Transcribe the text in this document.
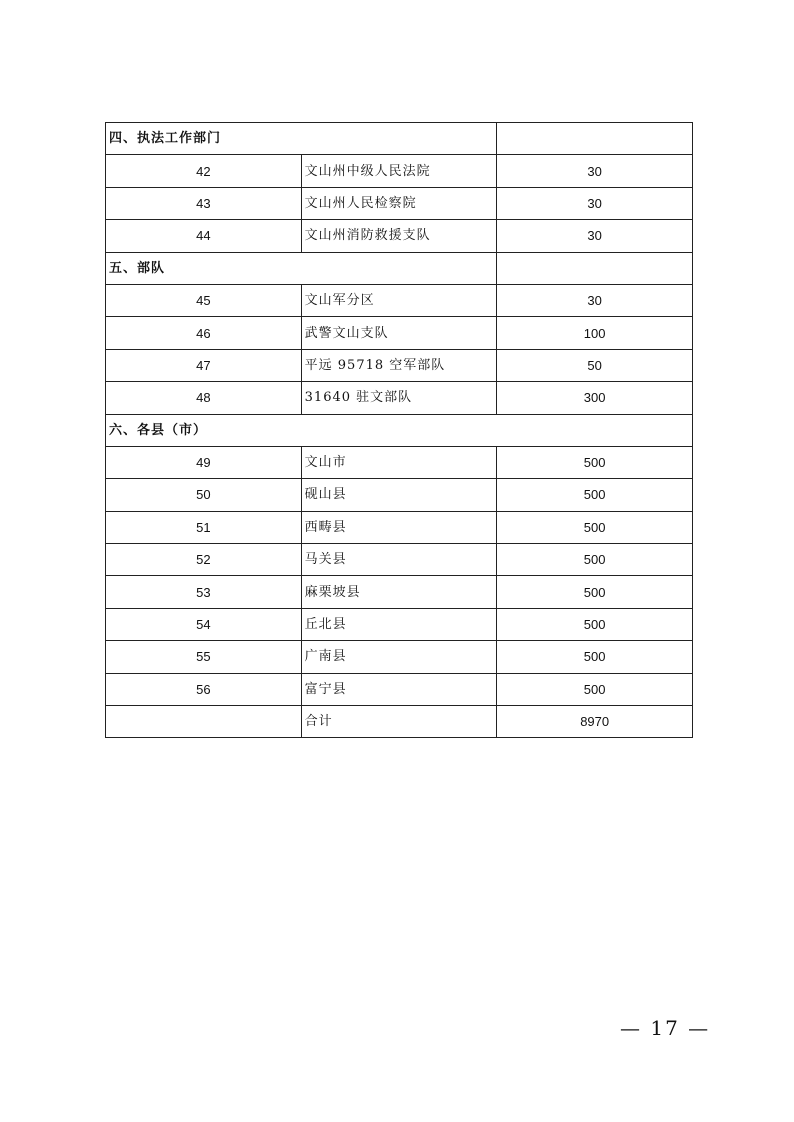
四、执法工作部门		
42	文山州中级人民法院	30
43	文山州人民检察院	30
44	文山州消防救援支队	30
五、部队		
45	文山军分区	30
46	武警文山支队	100
47	平远 95718 空军部队	50
48	31640 驻文部队	300
六、各县（市）		
49	文山市	500
50	砚山县	500
51	西畴县	500
52	马关县	500
53	麻栗坡县	500
54	丘北县	500
55	广南县	500
56	富宁县	500
	合计	8970
— 17 —
